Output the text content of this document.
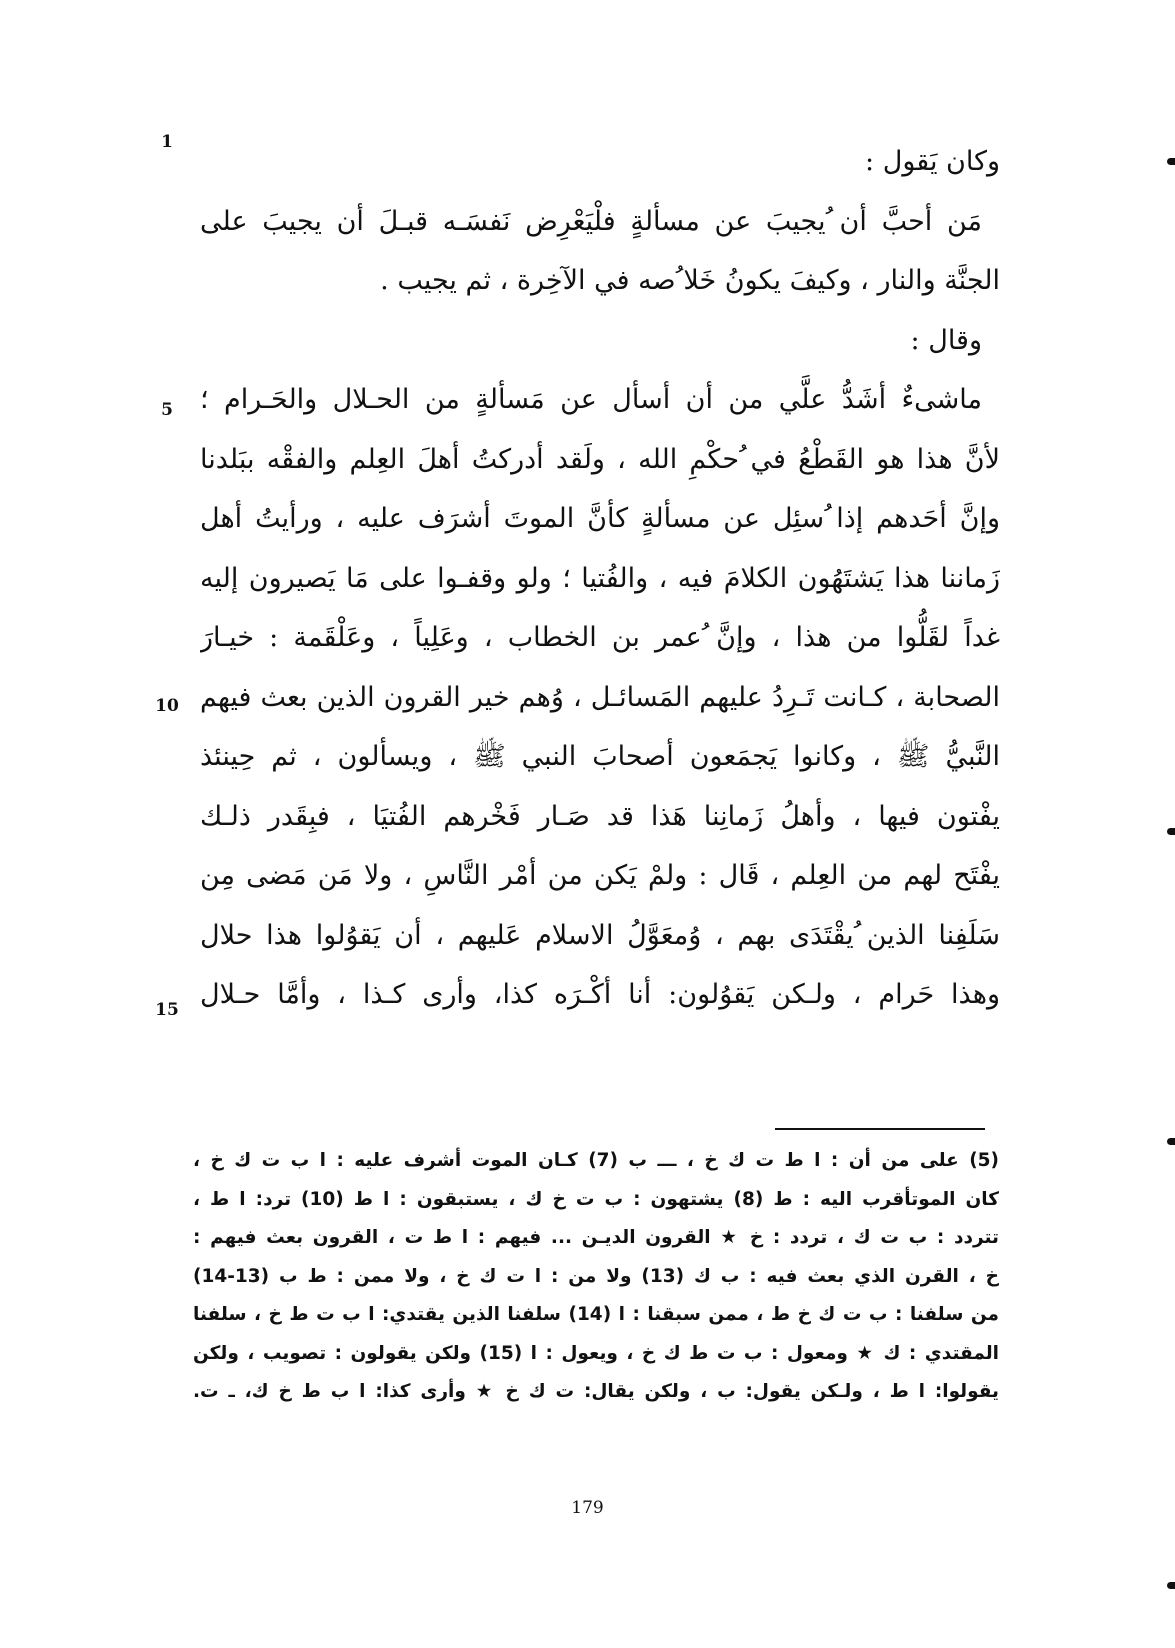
وكان يَقول :
مَن أحبَّ أن ُيجيبَ عن مسألةٍ فلْيَعْرِض نَفسَـه قبـلَ أن يجيبَ على
الجنَّة والنار ، وكيفَ يكونُ خَلا ُصه في الآخِرة ، ثم يجيب .
وقال :
ماشىءٌ أشَدُّ علَّي من أن أسأل عن مَسألةٍ من الحـلال والحَـرام ؛
لأنَّ هذا هو القَطْعُ في ُحكْمِ الله ، ولَقد أدركتُ أهلَ العِلم والفقْه ببَلدنا
وإنَّ أحَدهم إذا ُسئِل عن مسألةٍ كأنَّ الموتَ أشرَف عليه ، ورأيتُ أهل
زَماننا هذا يَشتَهُون الكلامَ فيه ، والفُتيا ؛ ولو وقفـوا على مَا يَصيرون إليه
غداً لقَلُّوا من هذا ، وإنَّ ُعمر بن الخطاب ، وعَلِياً ، وعَلْقَمة : خيـارَ
الصحابة ، كـانت تَـرِدُ عليهم المَسائـل ، وُهم خير القرون الذين بعث فيهم
النَّبيُّ ﷺ ، وكانوا يَجمَعون أصحابَ النبي ﷺ ، ويسألون ، ثم حِينئذ
ُيفْتون فيها ، وأهلُ زَمانِنا هَذا قد صَـار فَخْرهم الفُتيَا ، فبِقَدر ذلـك
ُيفْتَح لهم من العِلم ، قَال : ولمْ يَكن من أمْر النَّاسِ ، ولا مَن مَضى مِن
سَلَفِنا الذين ُيقْتَدَى بهم ، وُمعَوَّلُ الاسلام عَليهم ، أن يَقوُلوا هذا حلال
وهذا حَرام ، ولـكن يَقوُلون: أنا أكْـرَه كذا، وأرى كـذا ، وأمَّا حـلال
1
5
10
15
(5) على من أن : ا ط ت ك خ ، ـــ ب (7) كـان الموت أشرف عليه : ا ب ت ك خ ،
كان الموتأقرب اليه : ط (8) يشتهون : ب ت خ ك ، يستبقون : ا ط (10) ترد: ا ط ،
تتردد : ب ت ك ، تردد : خ ★ القرون الديـن ... فيهم : ا ط ت ، القرون بعث فيهم :
خ ، القرن الذي بعث فيه : ب ك (13) ولا من : ا ت ك خ ، ولا ممن : ط ب (13-14)
من سلفنا : ب ت ك خ ط ، ممن سبقنا : ا (14) سلفنا الذين يقتدي: ا ب ت ط خ ، سلفنا
المقتدي : ك ★ ومعول : ب ت ط ك خ ، ويعول : ا (15) ولكن يقولون : تصويب ، ولكن
يقولوا: ا ط ، ولـكن يقول: ب ، ولكن يقال: ت ك خ ★ وأرى كذا: ا ب ط خ ك، ـ ت.
179
